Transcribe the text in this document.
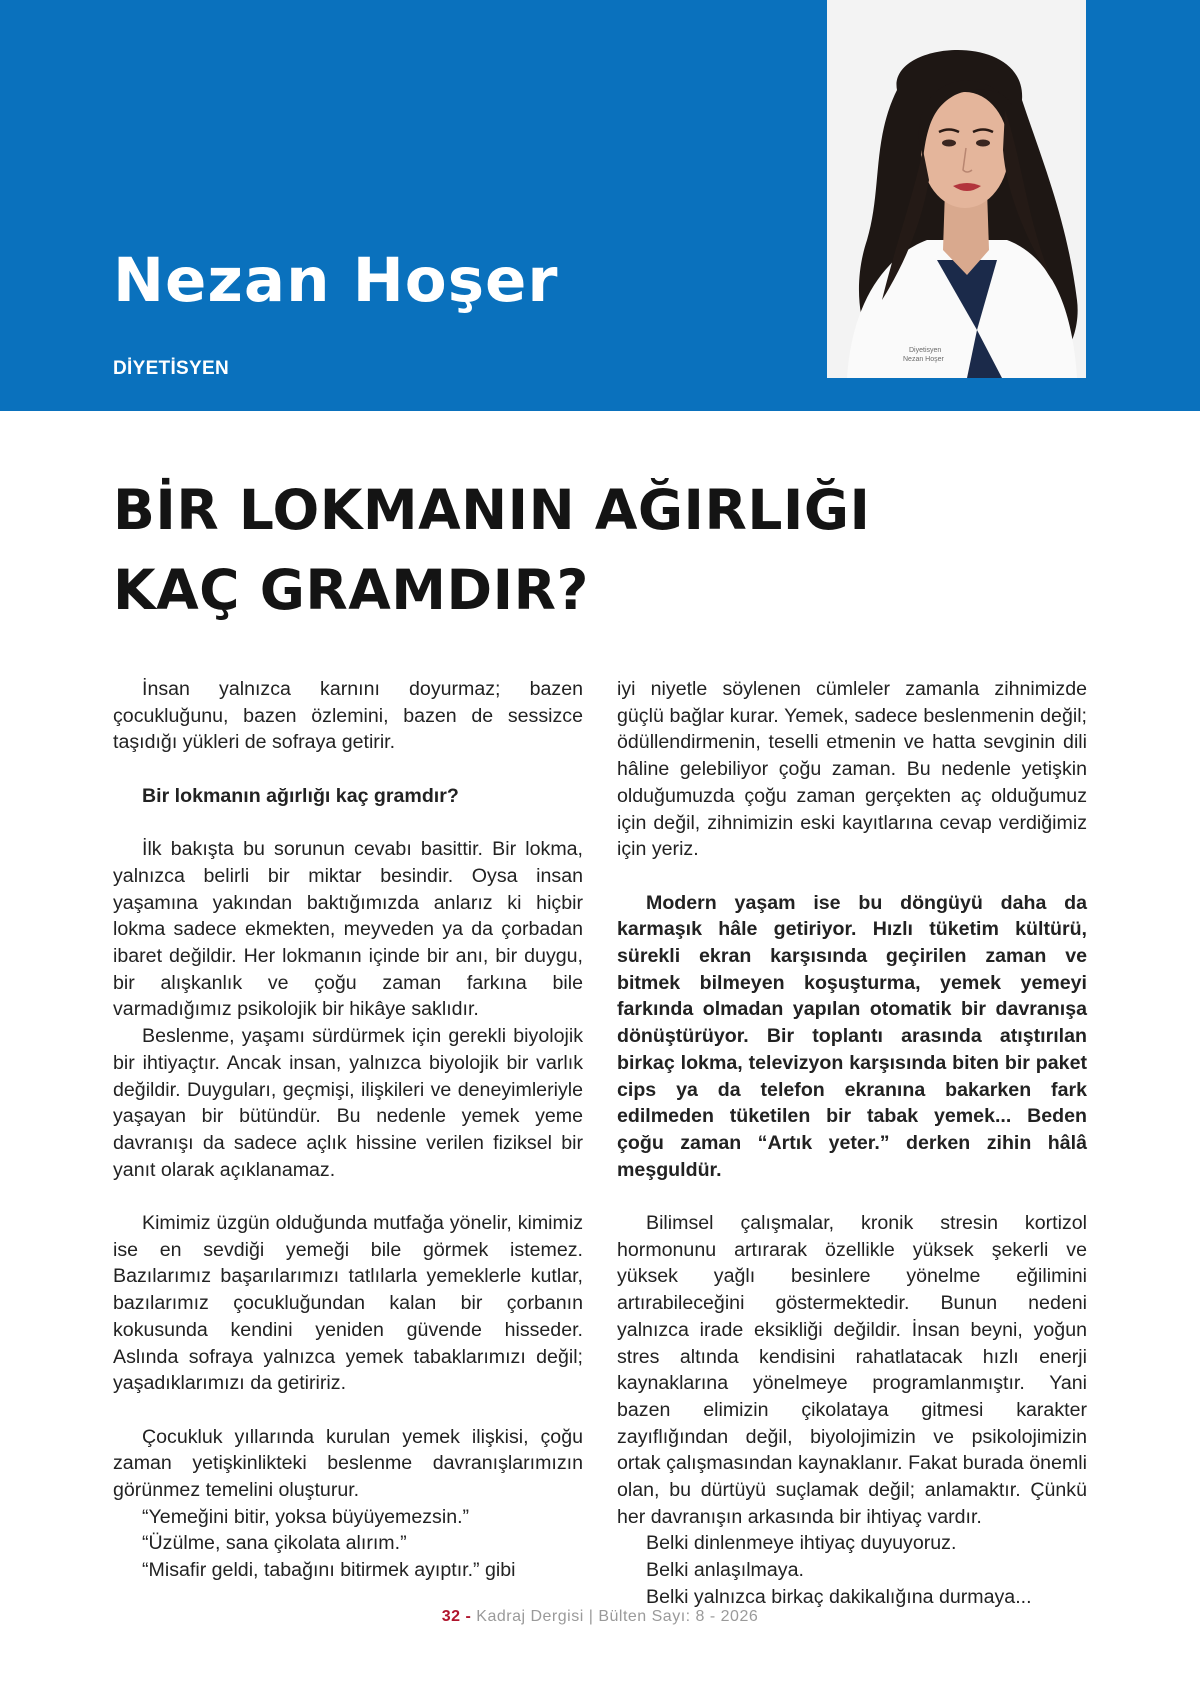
Nezan Hoşer
DİYETİSYEN
Diyetisyen
Nezan Hoşer
BİR LOKMANIN AĞIRLIĞI
KAÇ GRAMDIR?

İnsan yalnızca karnını doyurmaz; bazen çocukluğunu, bazen özlemini, bazen de sessizce taşıdığı yükleri de sofraya getirir.

Bir lokmanın ağırlığı kaç gramdır?

İlk bakışta bu sorunun cevabı basittir. Bir lokma, yalnızca belirli bir miktar besindir. Oysa insan yaşamına yakından baktığımızda anlarız ki hiçbir lokma sadece ekmekten, meyveden ya da çorbadan ibaret değildir. Her lokmanın içinde bir anı, bir duygu, bir alışkanlık ve çoğu zaman farkına bile varmadığımız psikolojik bir hikâye saklıdır.

Beslenme, yaşamı sürdürmek için gerekli biyolojik bir ihtiyaçtır. Ancak insan, yalnızca biyolojik bir varlık değildir. Duyguları, geçmişi, ilişkileri ve deneyimleriyle yaşayan bir bütündür. Bu nedenle yemek yeme davranışı da sadece açlık hissine verilen fiziksel bir yanıt olarak açıklanamaz.

Kimimiz üzgün olduğunda mutfağa yönelir, kimimiz ise en sevdiği yemeği bile görmek istemez. Bazılarımız başarılarımızı tatlılarla yemeklerle kutlar, bazılarımız çocukluğundan kalan bir çorbanın kokusunda kendini yeniden güvende hisseder. Aslında sofraya yalnızca yemek tabaklarımızı değil; yaşadıklarımızı da getiririz.

Çocukluk yıllarında kurulan yemek ilişkisi, çoğu zaman yetişkinlikteki beslenme davranışlarımızın görünmez temelini oluşturur.

“Yemeğini bitir, yoksa büyüyemezsin.”

“Üzülme, sana çikolata alırım.”

“Misafir geldi, tabağını bitirmek ayıptır.” gibi

iyi niyetle söylenen cümleler zamanla zihnimizde güçlü bağlar kurar. Yemek, sadece beslenmenin değil; ödüllendirmenin, teselli etmenin ve hatta sevginin dili hâline gelebiliyor çoğu zaman. Bu nedenle yetişkin olduğumuzda çoğu zaman gerçekten aç olduğumuz için değil, zihnimizin eski kayıtlarına cevap verdiğimiz için yeriz.

Modern yaşam ise bu döngüyü daha da karmaşık hâle getiriyor. Hızlı tüketim kültürü, sürekli ekran karşısında geçirilen zaman ve bitmek bilmeyen koşuşturma, yemek yemeyi farkında olmadan yapılan otomatik bir davranışa dönüştürüyor. Bir toplantı arasında atıştırılan birkaç lokma, televizyon karşısında biten bir paket cips ya da telefon ekranına bakarken fark edilmeden tüketilen bir tabak yemek... Beden çoğu zaman “Artık yeter.” derken zihin hâlâ meşguldür.

Bilimsel çalışmalar, kronik stresin kortizol hormonunu artırarak özellikle yüksek şekerli ve yüksek yağlı besinlere yönelme eğilimini artırabileceğini göstermektedir. Bunun nedeni yalnızca irade eksikliği değildir. İnsan beyni, yoğun stres altında kendisini rahatlatacak hızlı enerji kaynaklarına yönelmeye programlanmıştır. Yani bazen elimizin çikolataya gitmesi karakter zayıflığından değil, biyolojimizin ve psikolojimizin ortak çalışmasından kaynaklanır. Fakat burada önemli olan, bu dürtüyü suçlamak değil; anlamaktır. Çünkü her davranışın arkasında bir ihtiyaç vardır.

Belki dinlenmeye ihtiyaç duyuyoruz.

Belki anlaşılmaya.

Belki yalnızca birkaç dakikalığına durmaya...

32 - Kadraj Dergisi | Bülten Sayı: 8 - 2026
